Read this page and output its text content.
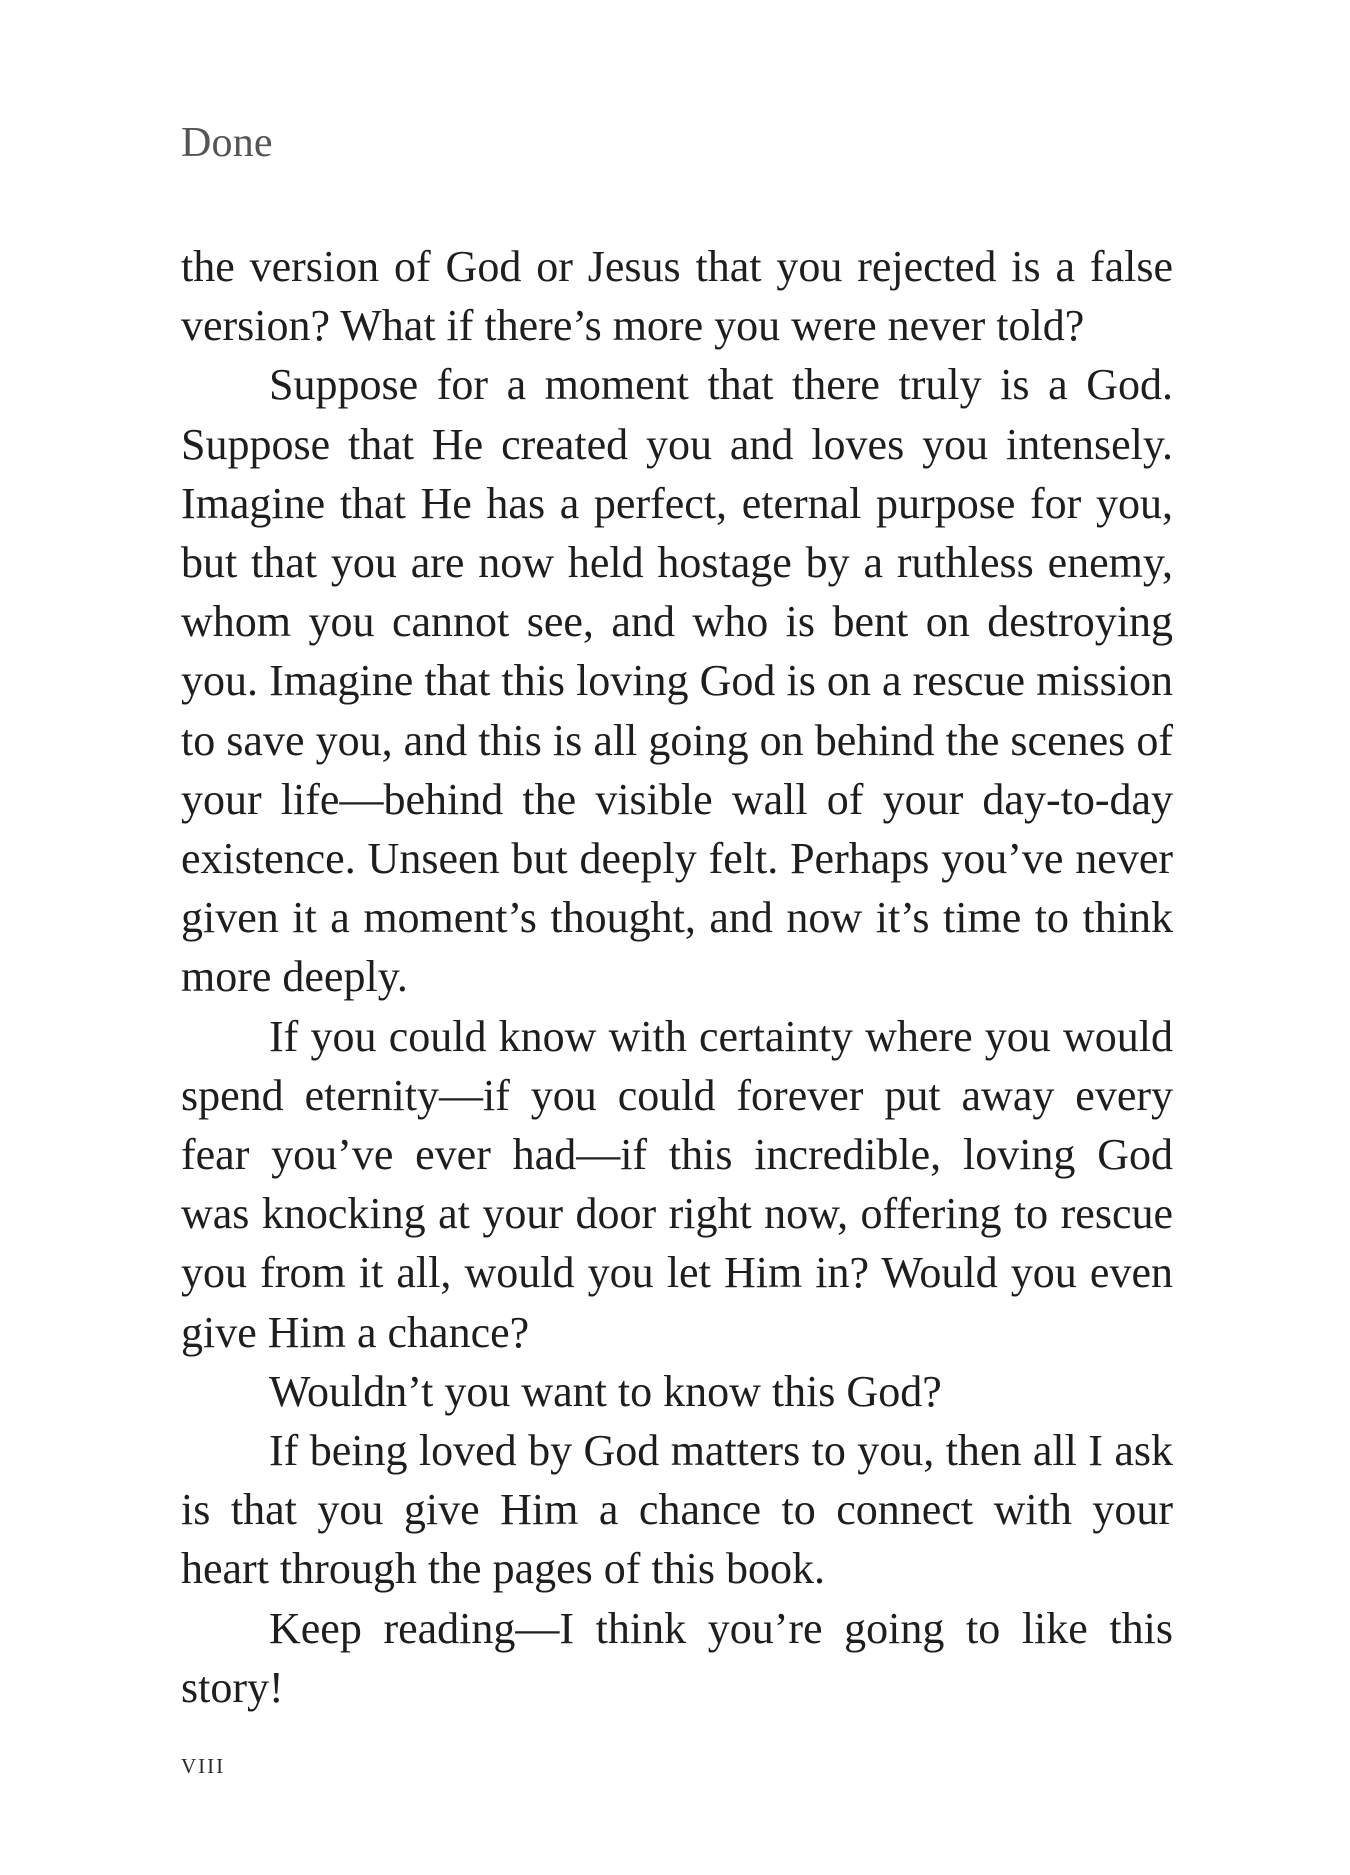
Done

the version of God or Jesus that you rejected is a false version? What if there’s more you were never told?

Suppose for a moment that there truly is a God. Suppose that He created you and loves you intensely. Imagine that He has a perfect, eternal purpose for you, but that you are now held hostage by a ruthless enemy, whom you cannot see, and who is bent on destroying you. Imagine that this loving God is on a rescue mission to save you, and this is all going on behind the scenes of your life—behind the visible wall of your day-to-day existence. Unseen but deeply felt. Perhaps you’ve never given it a moment’s thought, and now it’s time to think more deeply.

If you could know with certainty where you would spend eternity—if you could forever put away every fear you’ve ever had—if this incredible, loving God was knocking at your door right now, offering to rescue you from it all, would you let Him in? Would you even give Him a chance?

Wouldn’t you want to know this God?

If being loved by God matters to you, then all I ask is that you give Him a chance to connect with your heart through the pages of this book.

Keep reading—I think you’re going to like this story!

viii
